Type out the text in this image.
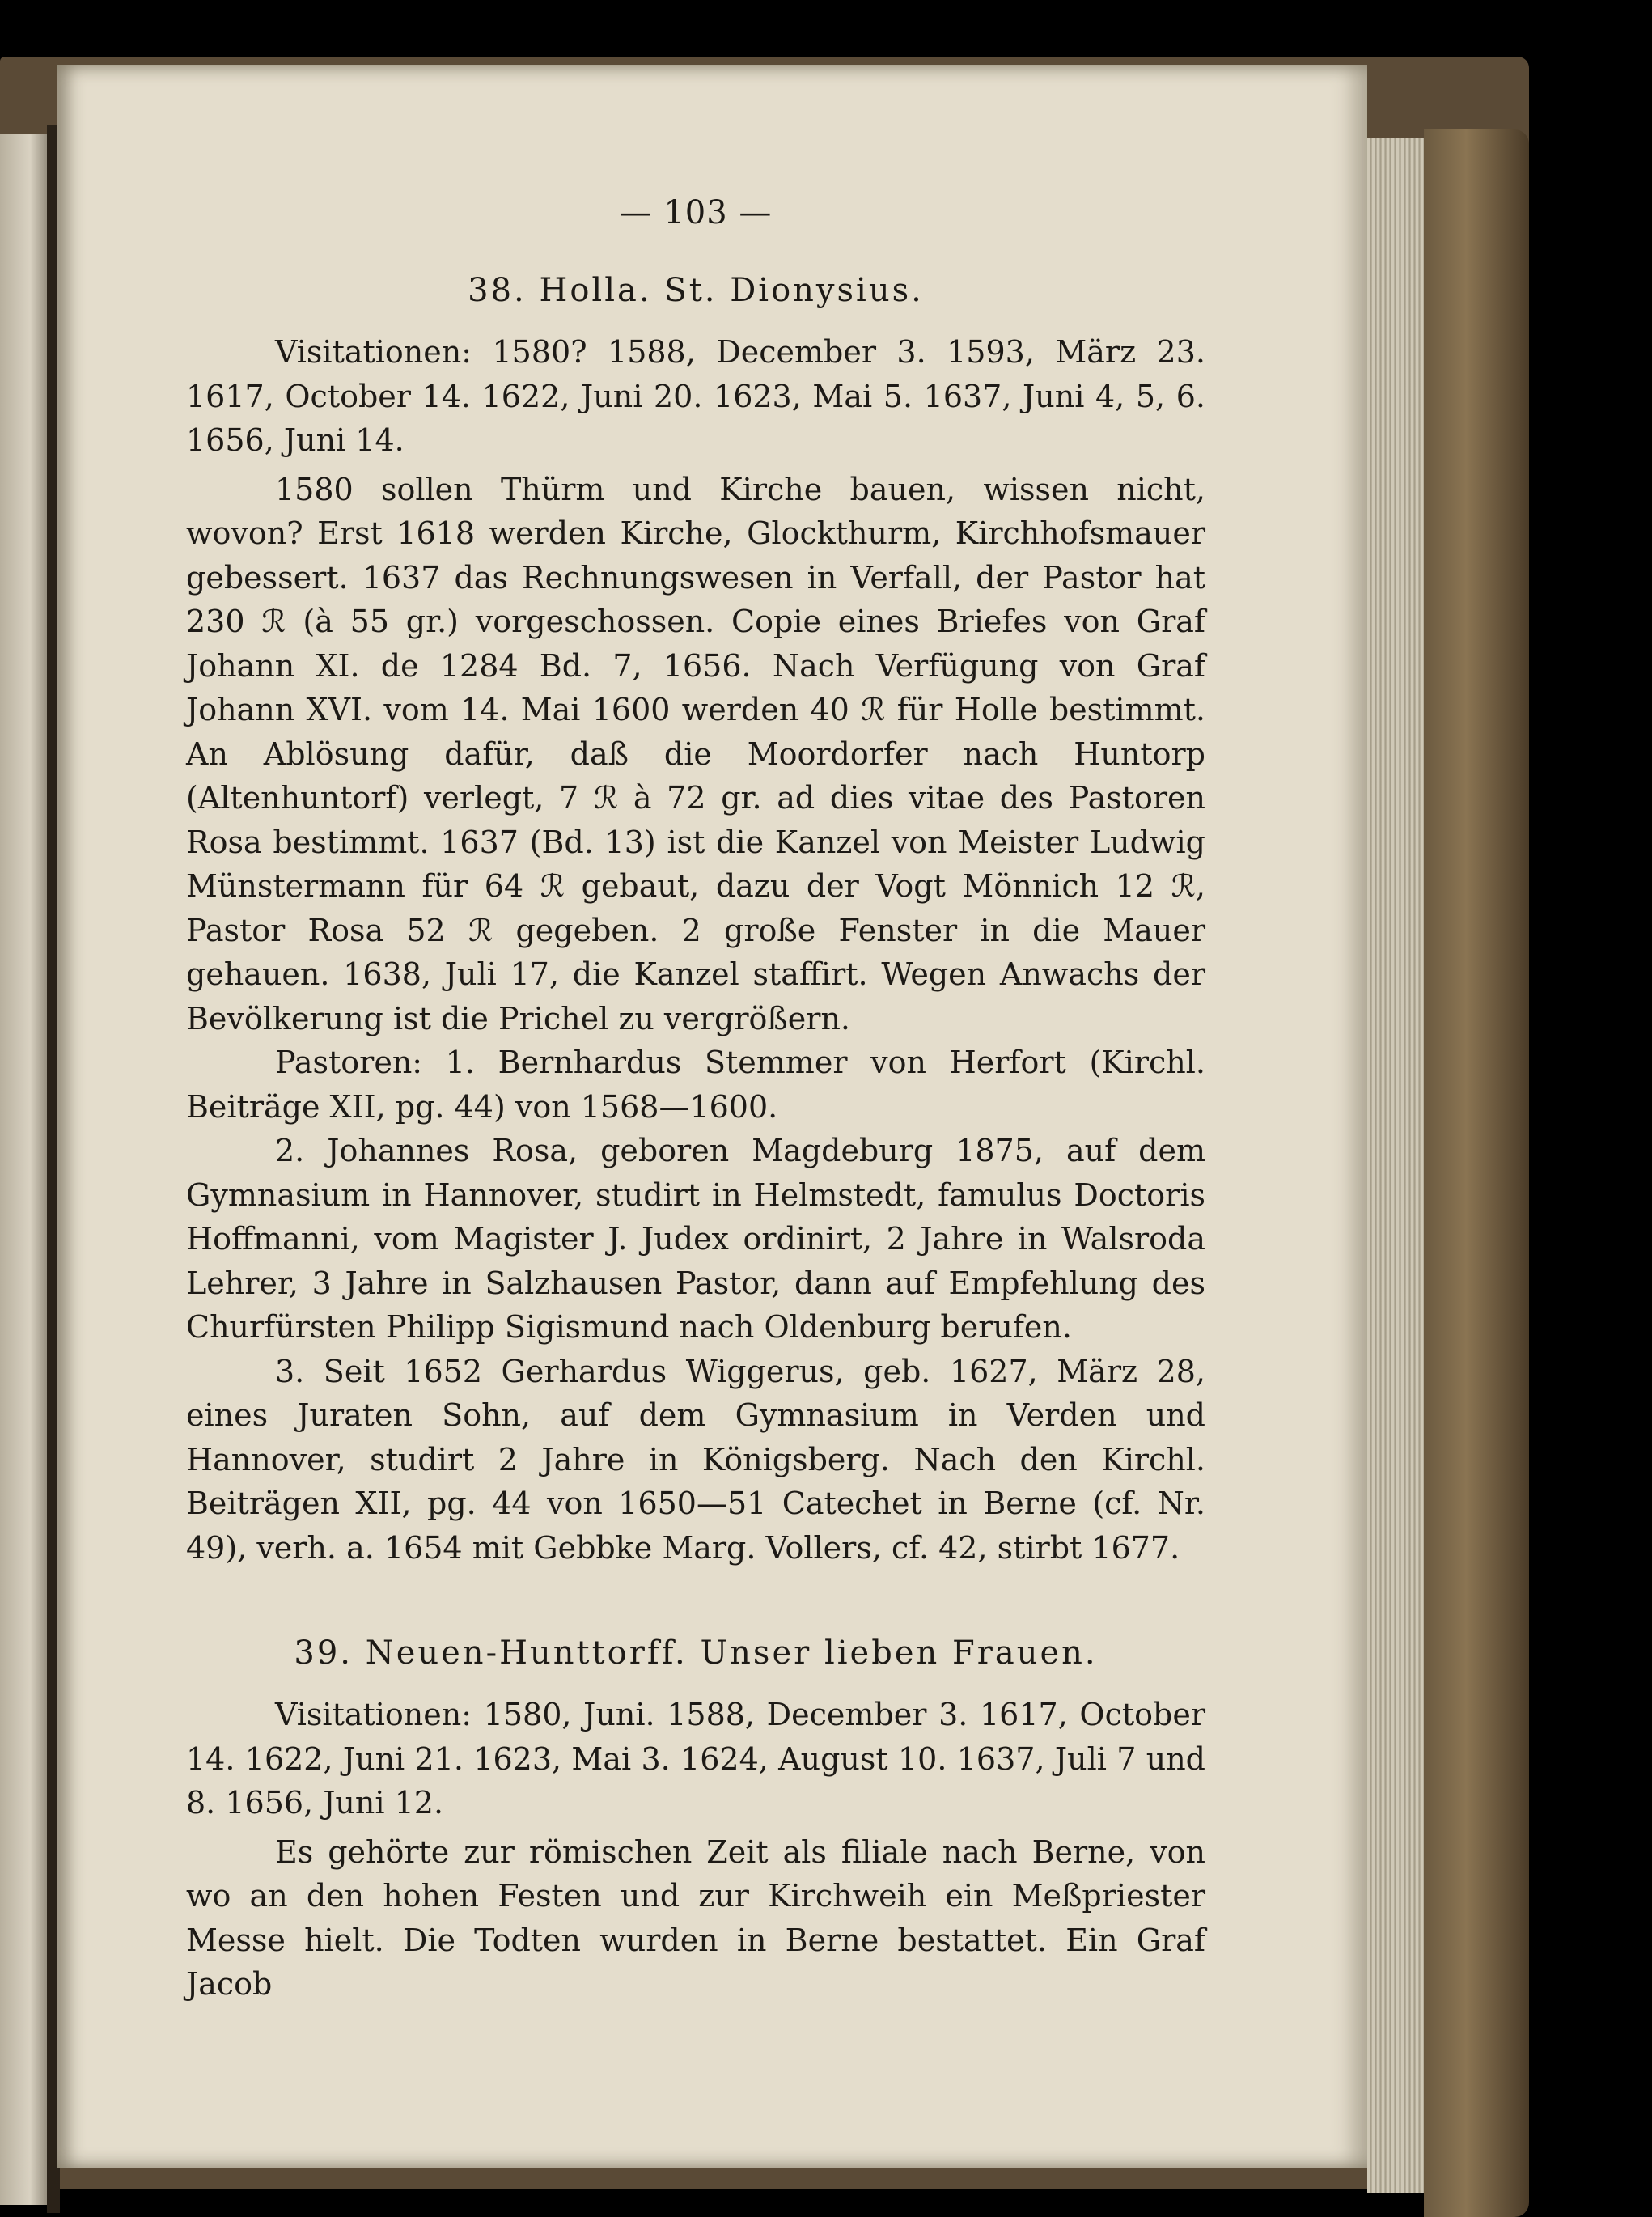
— 103 —
38. Holla. St. Dionysius.

Visitationen: 1580? 1588, December 3. 1593, März 23. 1617, October 14. 1622, Juni 20. 1623, Mai 5. 1637, Juni 4, 5, 6. 1656, Juni 14.

1580 sollen Thürm und Kirche bauen, wissen nicht, wovon? Erst 1618 werden Kirche, Glockthurm, Kirchhofsmauer gebessert. 1637 das Rechnungswesen in Verfall, der Pastor hat 230 ℛ (à 55 gr.) vorgeschossen. Copie eines Briefes von Graf Johann XI. de 1284 Bd. 7, 1656. Nach Verfügung von Graf Johann XVI. vom 14. Mai 1600 werden 40 ℛ für Holle bestimmt. An Ablösung dafür, daß die Moordorfer nach Huntorp (Altenhuntorf) verlegt, 7 ℛ à 72 gr. ad dies vitae des Pastoren Rosa bestimmt. 1637 (Bd. 13) ist die Kanzel von Meister Ludwig Münstermann für 64 ℛ gebaut, dazu der Vogt Mönnich 12 ℛ, Pastor Rosa 52 ℛ gegeben. 2 große Fenster in die Mauer gehauen. 1638, Juli 17, die Kanzel staffirt. Wegen Anwachs der Bevölkerung ist die Prichel zu vergrößern.

Pastoren: 1. Bernhardus Stemmer von Herfort (Kirchl. Beiträge XII, pg. 44) von 1568—1600.

2. Johannes Rosa, geboren Magdeburg 1875, auf dem Gymnasium in Hannover, studirt in Helmstedt, famulus Doctoris Hoffmanni, vom Magister J. Judex ordinirt, 2 Jahre in Walsroda Lehrer, 3 Jahre in Salzhausen Pastor, dann auf Empfehlung des Churfürsten Philipp Sigismund nach Oldenburg berufen.

3. Seit 1652 Gerhardus Wiggerus, geb. 1627, März 28, eines Juraten Sohn, auf dem Gymnasium in Verden und Hannover, studirt 2 Jahre in Königsberg. Nach den Kirchl. Beiträgen XII, pg. 44 von 1650—51 Catechet in Berne (cf. Nr. 49), verh. a. 1654 mit Gebbke Marg. Vollers, cf. 42, stirbt 1677.

39. Neuen-Hunttorff. Unser lieben Frauen.

Visitationen: 1580, Juni. 1588, December 3. 1617, October 14. 1622, Juni 21. 1623, Mai 3. 1624, August 10. 1637, Juli 7 und 8. 1656, Juni 12.

Es gehörte zur römischen Zeit als filiale nach Berne, von wo an den hohen Festen und zur Kirchweih ein Meßpriester Messe hielt. Die Todten wurden in Berne bestattet. Ein Graf Jacob
